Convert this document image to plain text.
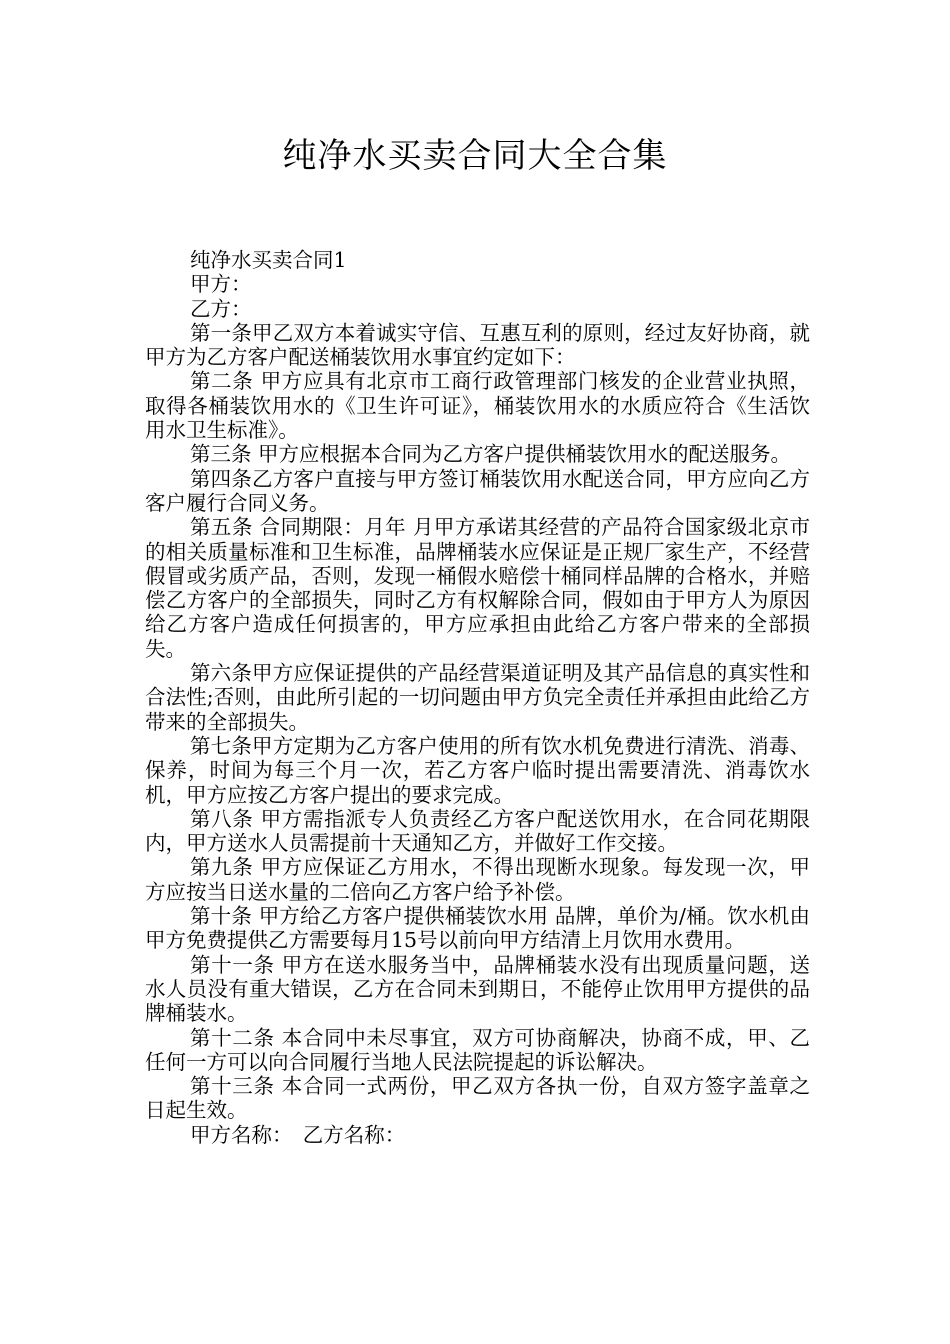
纯净水买卖合同大全合集

纯净水买卖合同1

甲方：

乙方：

第一条甲乙双方本着诚实守信、互惠互利的原则，经过友好协商，就甲方为乙方客户配送桶装饮用水事宜约定如下：

第二条 甲方应具有北京市工商行政管理部门核发的企业营业执照，取得各桶装饮用水的《卫生许可证》，桶装饮用水的水质应符合《生活饮用水卫生标准》。

第三条 甲方应根据本合同为乙方客户提供桶装饮用水的配送服务。

第四条乙方客户直接与甲方签订桶装饮用水配送合同，甲方应向乙方客户履行合同义务。

第五条 合同期限：月年 月甲方承诺其经营的产品符合国家级北京市的相关质量标准和卫生标准，品牌桶装水应保证是正规厂家生产，不经营假冒或劣质产品，否则，发现一桶假水赔偿十桶同样品牌的合格水，并赔偿乙方客户的全部损失，同时乙方有权解除合同，假如由于甲方人为原因给乙方客户造成任何损害的，甲方应承担由此给乙方客户带来的全部损失。

第六条甲方应保证提供的产品经营渠道证明及其产品信息的真实性和合法性;否则，由此所引起的一切问题由甲方负完全责任并承担由此给乙方带来的全部损失。

第七条甲方定期为乙方客户使用的所有饮水机免费进行清洗、消毒、保养，时间为每三个月一次，若乙方客户临时提出需要清洗、消毒饮水机，甲方应按乙方客户提出的要求完成。

第八条 甲方需指派专人负责经乙方客户配送饮用水，在合同花期限内，甲方送水人员需提前十天通知乙方，并做好工作交接。

第九条 甲方应保证乙方用水，不得出现断水现象。每发现一次，甲方应按当日送水量的二倍向乙方客户给予补偿。

第十条 甲方给乙方客户提供桶装饮水用 品牌，单价为/桶。饮水机由甲方免费提供乙方需要每月15号以前向甲方结清上月饮用水费用。

第十一条 甲方在送水服务当中，品牌桶装水没有出现质量问题，送水人员没有重大错误，乙方在合同未到期日，不能停止饮用甲方提供的品牌桶装水。

第十二条 本合同中未尽事宜，双方可协商解决，协商不成，甲、乙任何一方可以向合同履行当地人民法院提起的诉讼解决。

第十三条 本合同一式两份，甲乙双方各执一份，自双方签字盖章之日起生效。

甲方名称：　乙方名称：
